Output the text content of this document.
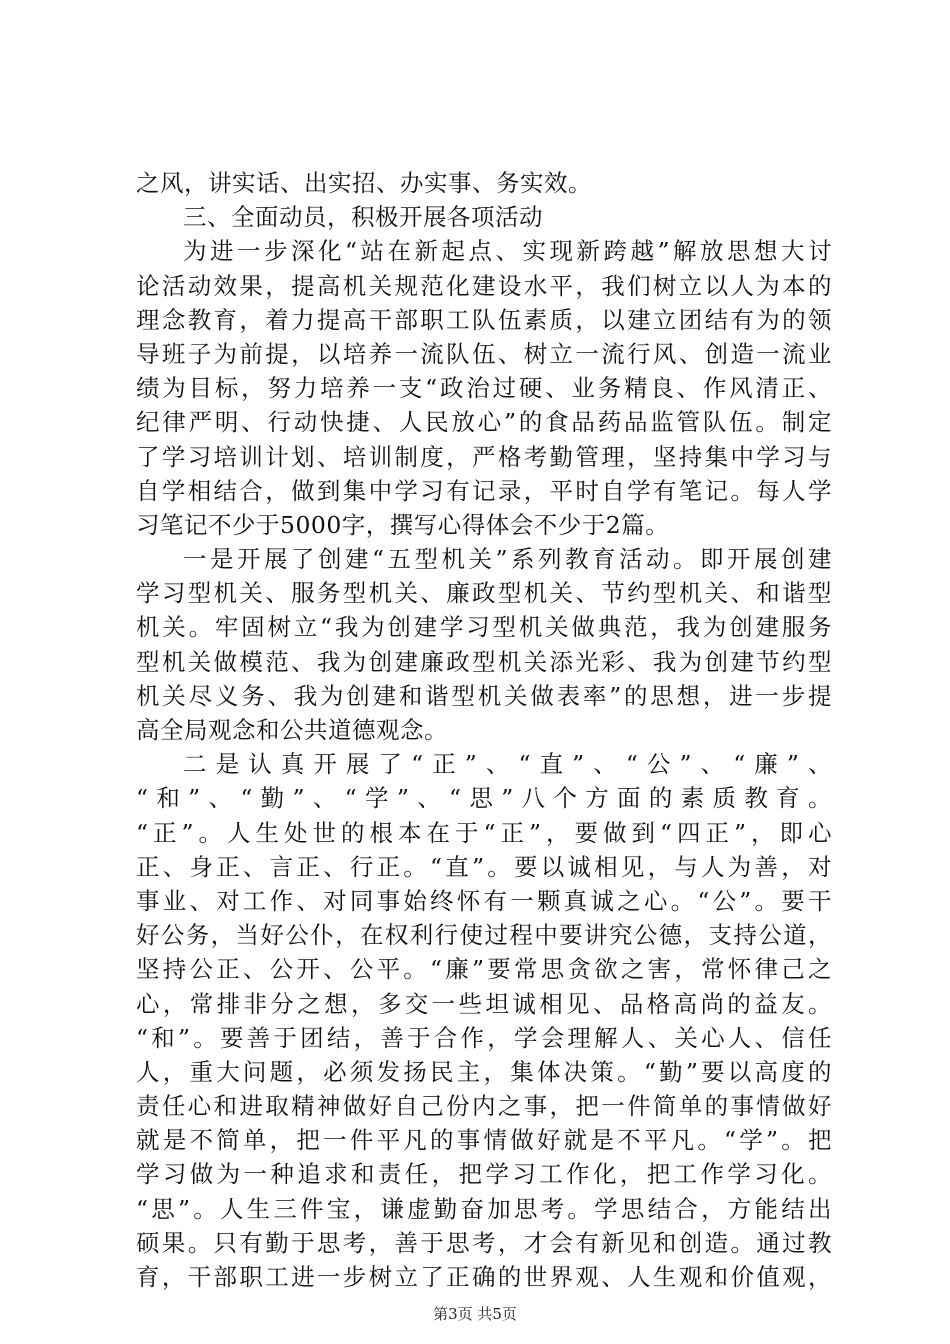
之风，讲实话、出实招、办实事、务实效。
三、全面动员，积极开展各项活动
为进一步深化“站在新起点、实现新跨越”解放思想大讨
论活动效果，提高机关规范化建设水平，我们树立以人为本的
理念教育，着力提高干部职工队伍素质，以建立团结有为的领
导班子为前提，以培养一流队伍、树立一流行风、创造一流业
绩为目标，努力培养一支“政治过硬、业务精良、作风清正、
纪律严明、行动快捷、人民放心”的食品药品监管队伍。制定
了学习培训计划、培训制度，严格考勤管理，坚持集中学习与
自学相结合，做到集中学习有记录，平时自学有笔记。每人学
习笔记不少于5000字，撰写心得体会不少于2篇。
一是开展了创建“五型机关”系列教育活动。即开展创建
学习型机关、服务型机关、廉政型机关、节约型机关、和谐型
机关。牢固树立“我为创建学习型机关做典范，我为创建服务
型机关做模范、我为创建廉政型机关添光彩、我为创建节约型
机关尽义务、我为创建和谐型机关做表率”的思想，进一步提
高全局观念和公共道德观念。
二是认真开展了“正”、“直”、“公”、“廉”、
“和”、“勤”、“学”、“思”八个方面的素质教育。
“正”。人生处世的根本在于“正”，要做到“四正”，即心
正、身正、言正、行正。“直”。要以诚相见，与人为善，对
事业、对工作、对同事始终怀有一颗真诚之心。“公”。要干
好公务，当好公仆，在权利行使过程中要讲究公德，支持公道，
坚持公正、公开、公平。“廉”要常思贪欲之害，常怀律己之
心，常排非分之想，多交一些坦诚相见、品格高尚的益友。
“和”。要善于团结，善于合作，学会理解人、关心人、信任
人，重大问题，必须发扬民主，集体决策。“勤”要以高度的
责任心和进取精神做好自己份内之事，把一件简单的事情做好
就是不简单，把一件平凡的事情做好就是不平凡。“学”。把
学习做为一种追求和责任，把学习工作化，把工作学习化。
“思”。人生三件宝，谦虚勤奋加思考。学思结合，方能结出
硕果。只有勤于思考，善于思考，才会有新见和创造。通过教
育，干部职工进一步树立了正确的世界观、人生观和价值观，
第3页 共5页
